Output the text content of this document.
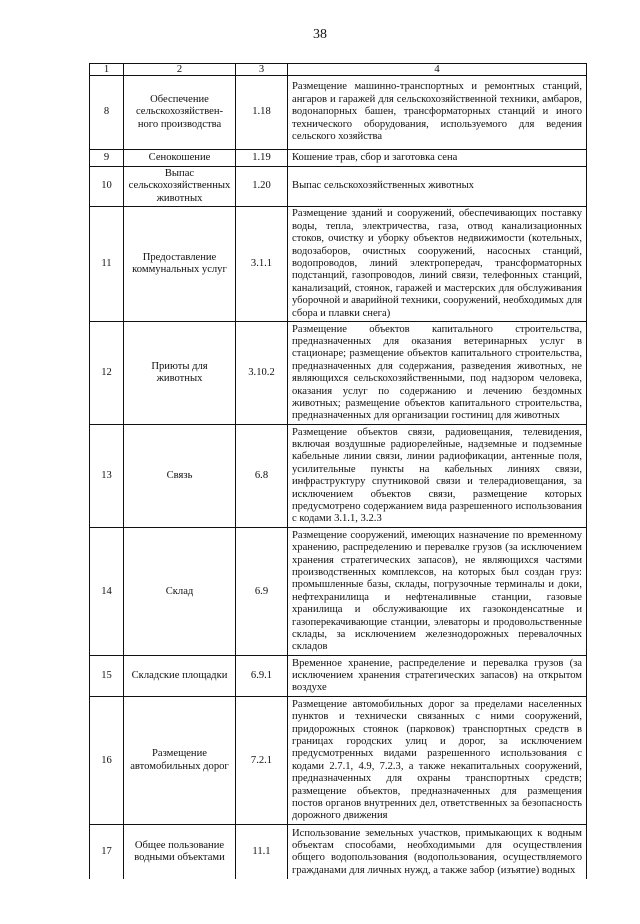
38
1	2	3	4
8	Обеспечение сельскохозяйствен-ного производства	1.18	Размещение машинно-транспортных и ремонтных станций, ангаров и гаражей для сельскохозяйственной техники, амбаров, водонапорных башен, трансформаторных станций и иного технического оборудования, используемого для ведения сельского хозяйства
9	Сенокошение	1.19	Кошение трав, сбор и заготовка сена
10	Выпас сельскохозяйственных животных	1.20	Выпас сельскохозяйственных животных
11	Предоставление коммунальных услуг	3.1.1	Размещение зданий и сооружений, обеспечивающих поставку воды, тепла, электричества, газа, отвод канализационных стоков, очистку и уборку объектов недвижимости (котельных, водозаборов, очистных сооружений, насосных станций, водопроводов, линий электропередач, трансформаторных подстанций, газопроводов, линий связи, телефонных станций, канализаций, стоянок, гаражей и мастерских для обслуживания уборочной и аварийной техники, сооружений, необходимых для сбора и плавки снега)
12	Приюты для животных	3.10.2	Размещение объектов капитального строительства, предназначенных для оказания ветеринарных услуг в стационаре; размещение объектов капитального строительства, предназначенных для содержания, разведения животных, не являющихся сельскохозяйственными, под надзором человека, оказания услуг по содержанию и лечению бездомных животных; размещение объектов капитального строительства, предназначенных для организации гостиниц для животных
13	Связь	6.8	Размещение объектов связи, радиовещания, телевидения, включая воздушные радиорелейные, надземные и подземные кабельные линии связи, линии радиофикации, антенные поля, усилительные пункты на кабельных линиях связи, инфраструктуру спутниковой связи и телерадиовещания, за исключением объектов связи, размещение которых предусмотрено содержанием вида разрешенного использования с кодами 3.1.1, 3.2.3
14	Склад	6.9	Размещение сооружений, имеющих назначение по временному хранению, распределению и перевалке грузов (за исключением хранения стратегических запасов), не являющихся частями производственных комплексов, на которых был создан груз: промышленные базы, склады, погрузочные терминалы и доки, нефтехранилища и нефтеналивные станции, газовые хранилища и обслуживающие их газоконденсатные и газоперекачивающие станции, элеваторы и продовольственные склады, за исключением железнодорожных перевалочных складов
15	Складские площадки	6.9.1	Временное хранение, распределение и перевалка грузов (за исключением хранения стратегических запасов) на открытом воздухе
16	Размещение автомобильных дорог	7.2.1	Размещение автомобильных дорог за пределами населенных пунктов и технически связанных с ними сооружений, придорожных стоянок (парковок) транспортных средств в границах городских улиц и дорог, за исключением предусмотренных видами разрешенного использования с кодами 2.7.1, 4.9, 7.2.3, а также некапитальных сооружений, предназначенных для охраны транспортных средств; размещение объектов, предназначенных для размещения постов органов внутренних дел, ответственных за безопасность дорожного движения
17	Общее пользование водными объектами	11.1	Использование земельных участков, примыкающих к водным объектам способами, необходимыми для осуществления общего водопользования (водопользования, осуществляемого гражданами для личных нужд, а также забор (изъятие) водных
